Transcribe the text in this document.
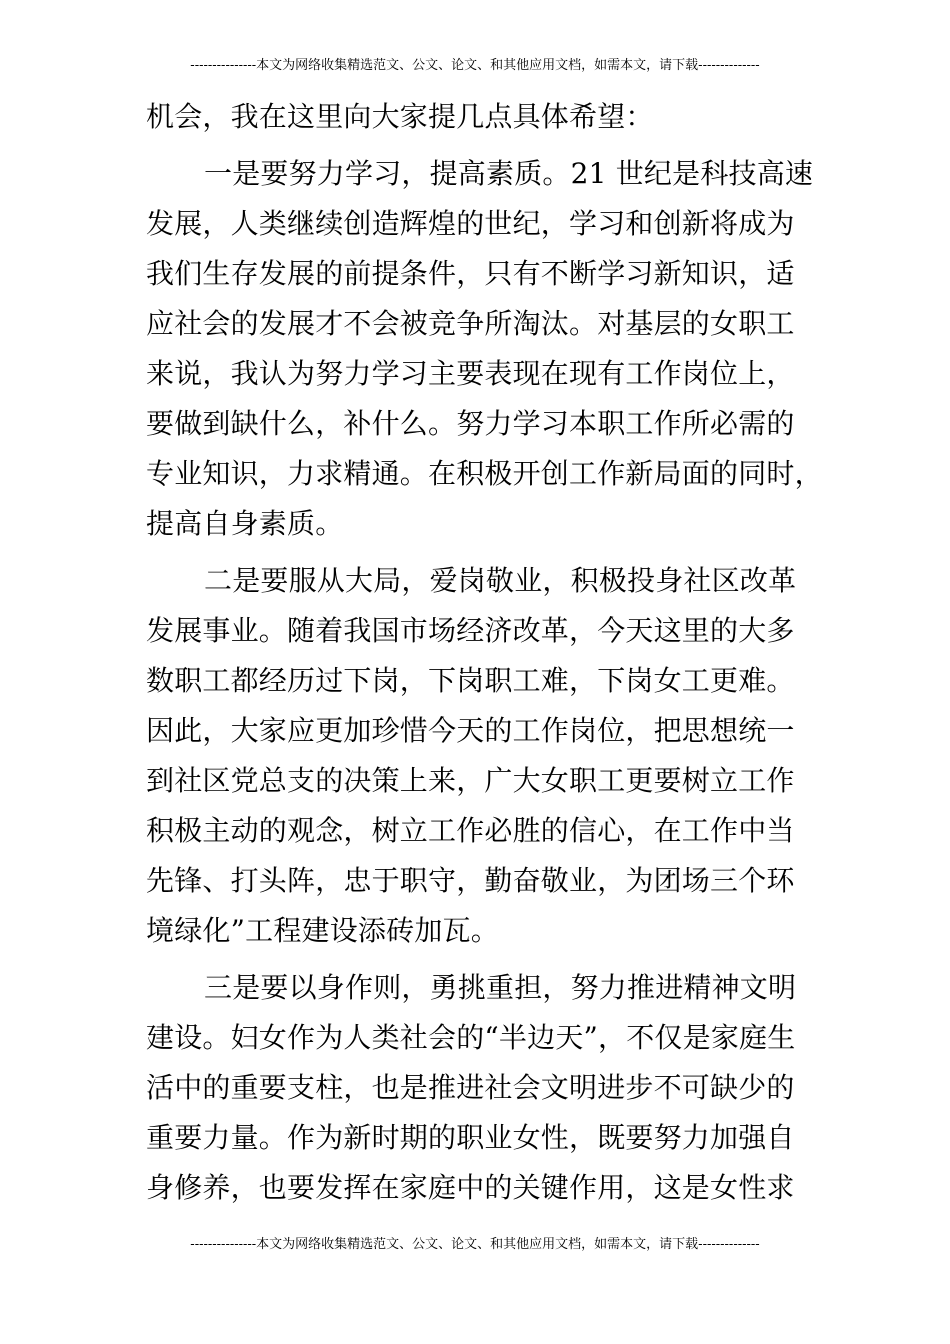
---------------本文为网络收集精选范文、公文、论文、和其他应用文档，如需本文，请下载--------------
机会，我在这里向大家提几点具体希望：
一是要努力学习，提高素质。21 世纪是科技高速
发展，人类继续创造辉煌的世纪，学习和创新将成为
我们生存发展的前提条件，只有不断学习新知识，适
应社会的发展才不会被竞争所淘汰。对基层的女职工
来说，我认为努力学习主要表现在现有工作岗位上，
要做到缺什么，补什么。努力学习本职工作所必需的
专业知识，力求精通。在积极开创工作新局面的同时，
提高自身素质。
二是要服从大局，爱岗敬业，积极投身社区改革
发展事业。随着我国市场经济改革，今天这里的大多
数职工都经历过下岗，下岗职工难，下岗女工更难。
因此，大家应更加珍惜今天的工作岗位，把思想统一
到社区党总支的决策上来，广大女职工更要树立工作
积极主动的观念，树立工作必胜的信心，在工作中当
先锋、打头阵，忠于职守，勤奋敬业，为团场三个环
境绿化”工程建设添砖加瓦。
三是要以身作则，勇挑重担，努力推进精神文明
建设。妇女作为人类社会的“半边天”，不仅是家庭生
活中的重要支柱，也是推进社会文明进步不可缺少的
重要力量。作为新时期的职业女性，既要努力加强自
身修养，也要发挥在家庭中的关键作用，这是女性求
---------------本文为网络收集精选范文、公文、论文、和其他应用文档，如需本文，请下载--------------
